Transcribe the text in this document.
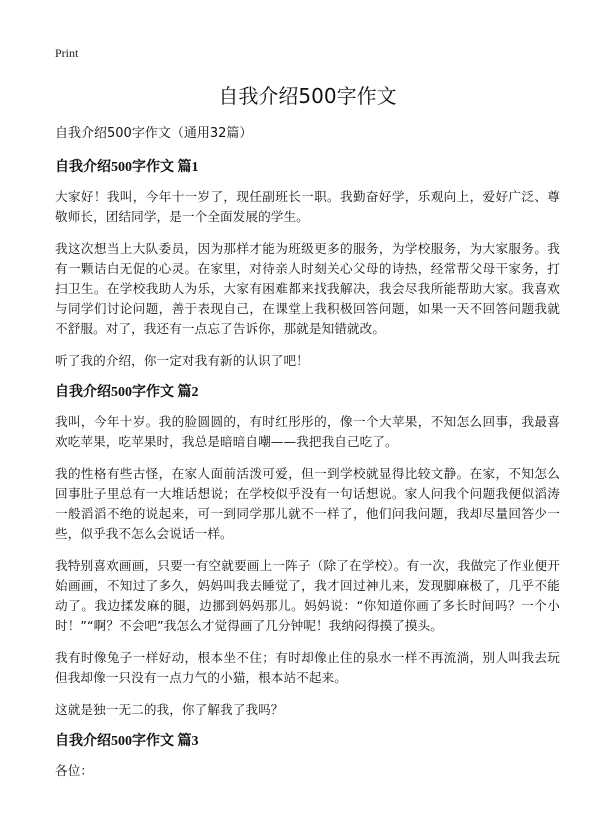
Print
自我介绍500字作文
自我介绍500字作文（通用32篇）
自我介绍500字作文 篇1

大家好！我叫，今年十一岁了，现任副班长一职。我勤奋好学，乐观向上，爱好广泛、尊敬师长，团结同学，是一个全面发展的学生。

我这次想当上大队委员，因为那样才能为班级更多的服务，为学校服务，为大家服务。我有一颗诘白无促的心灵。在家里，对待亲人时刻关心父母的诗热，经常帮父母干家务，打扫卫生。在学校我助人为乐，大家有困难都来找我解决，我会尽我所能帮助大家。我喜欢与同学们讨论问题，善于表现自己，在课堂上我积极回答问题，如果一天不回答问题我就不舒服。对了，我还有一点忘了告诉你，那就是知错就改。

听了我的介绍，你一定对我有新的认识了吧！

自我介绍500字作文 篇2

我叫，今年十岁。我的脸圆圆的，有时红彤彤的，像一个大苹果，不知怎么回事，我最喜欢吃苹果，吃苹果时，我总是暗暗自嘲——我把我自己吃了。

我的性格有些古怪，在家人面前活泼可爱，但一到学校就显得比较文静。在家，不知怎么回事肚子里总有一大堆话想说；在学校似乎没有一句话想说。家人问我个问题我便似滔涛一般滔滔不绝的说起来，可一到同学那儿就不一样了，他们问我问题，我却尽量回答少一些，似乎我不怎么会说话一样。

我特别喜欢画画，只要一有空就要画上一阵子（除了在学校）。有一次，我做完了作业便开始画画，不知过了多久，妈妈叫我去睡觉了，我才回过神儿来，发现脚麻极了，几乎不能动了。我边揉发麻的腿，边挪到妈妈那儿。妈妈说：“你知道你画了多长时间吗？一个小时！”“啊？不会吧”我怎么才觉得画了几分钟呢！我纳闷得摸了摸头。

我有时像兔子一样好动，根本坐不住；有时却像止住的泉水一样不再流淌，别人叫我去玩但我却像一只没有一点力气的小猫，根本站不起来。

这就是独一无二的我，你了解我了我吗？

自我介绍500字作文 篇3

各位：
